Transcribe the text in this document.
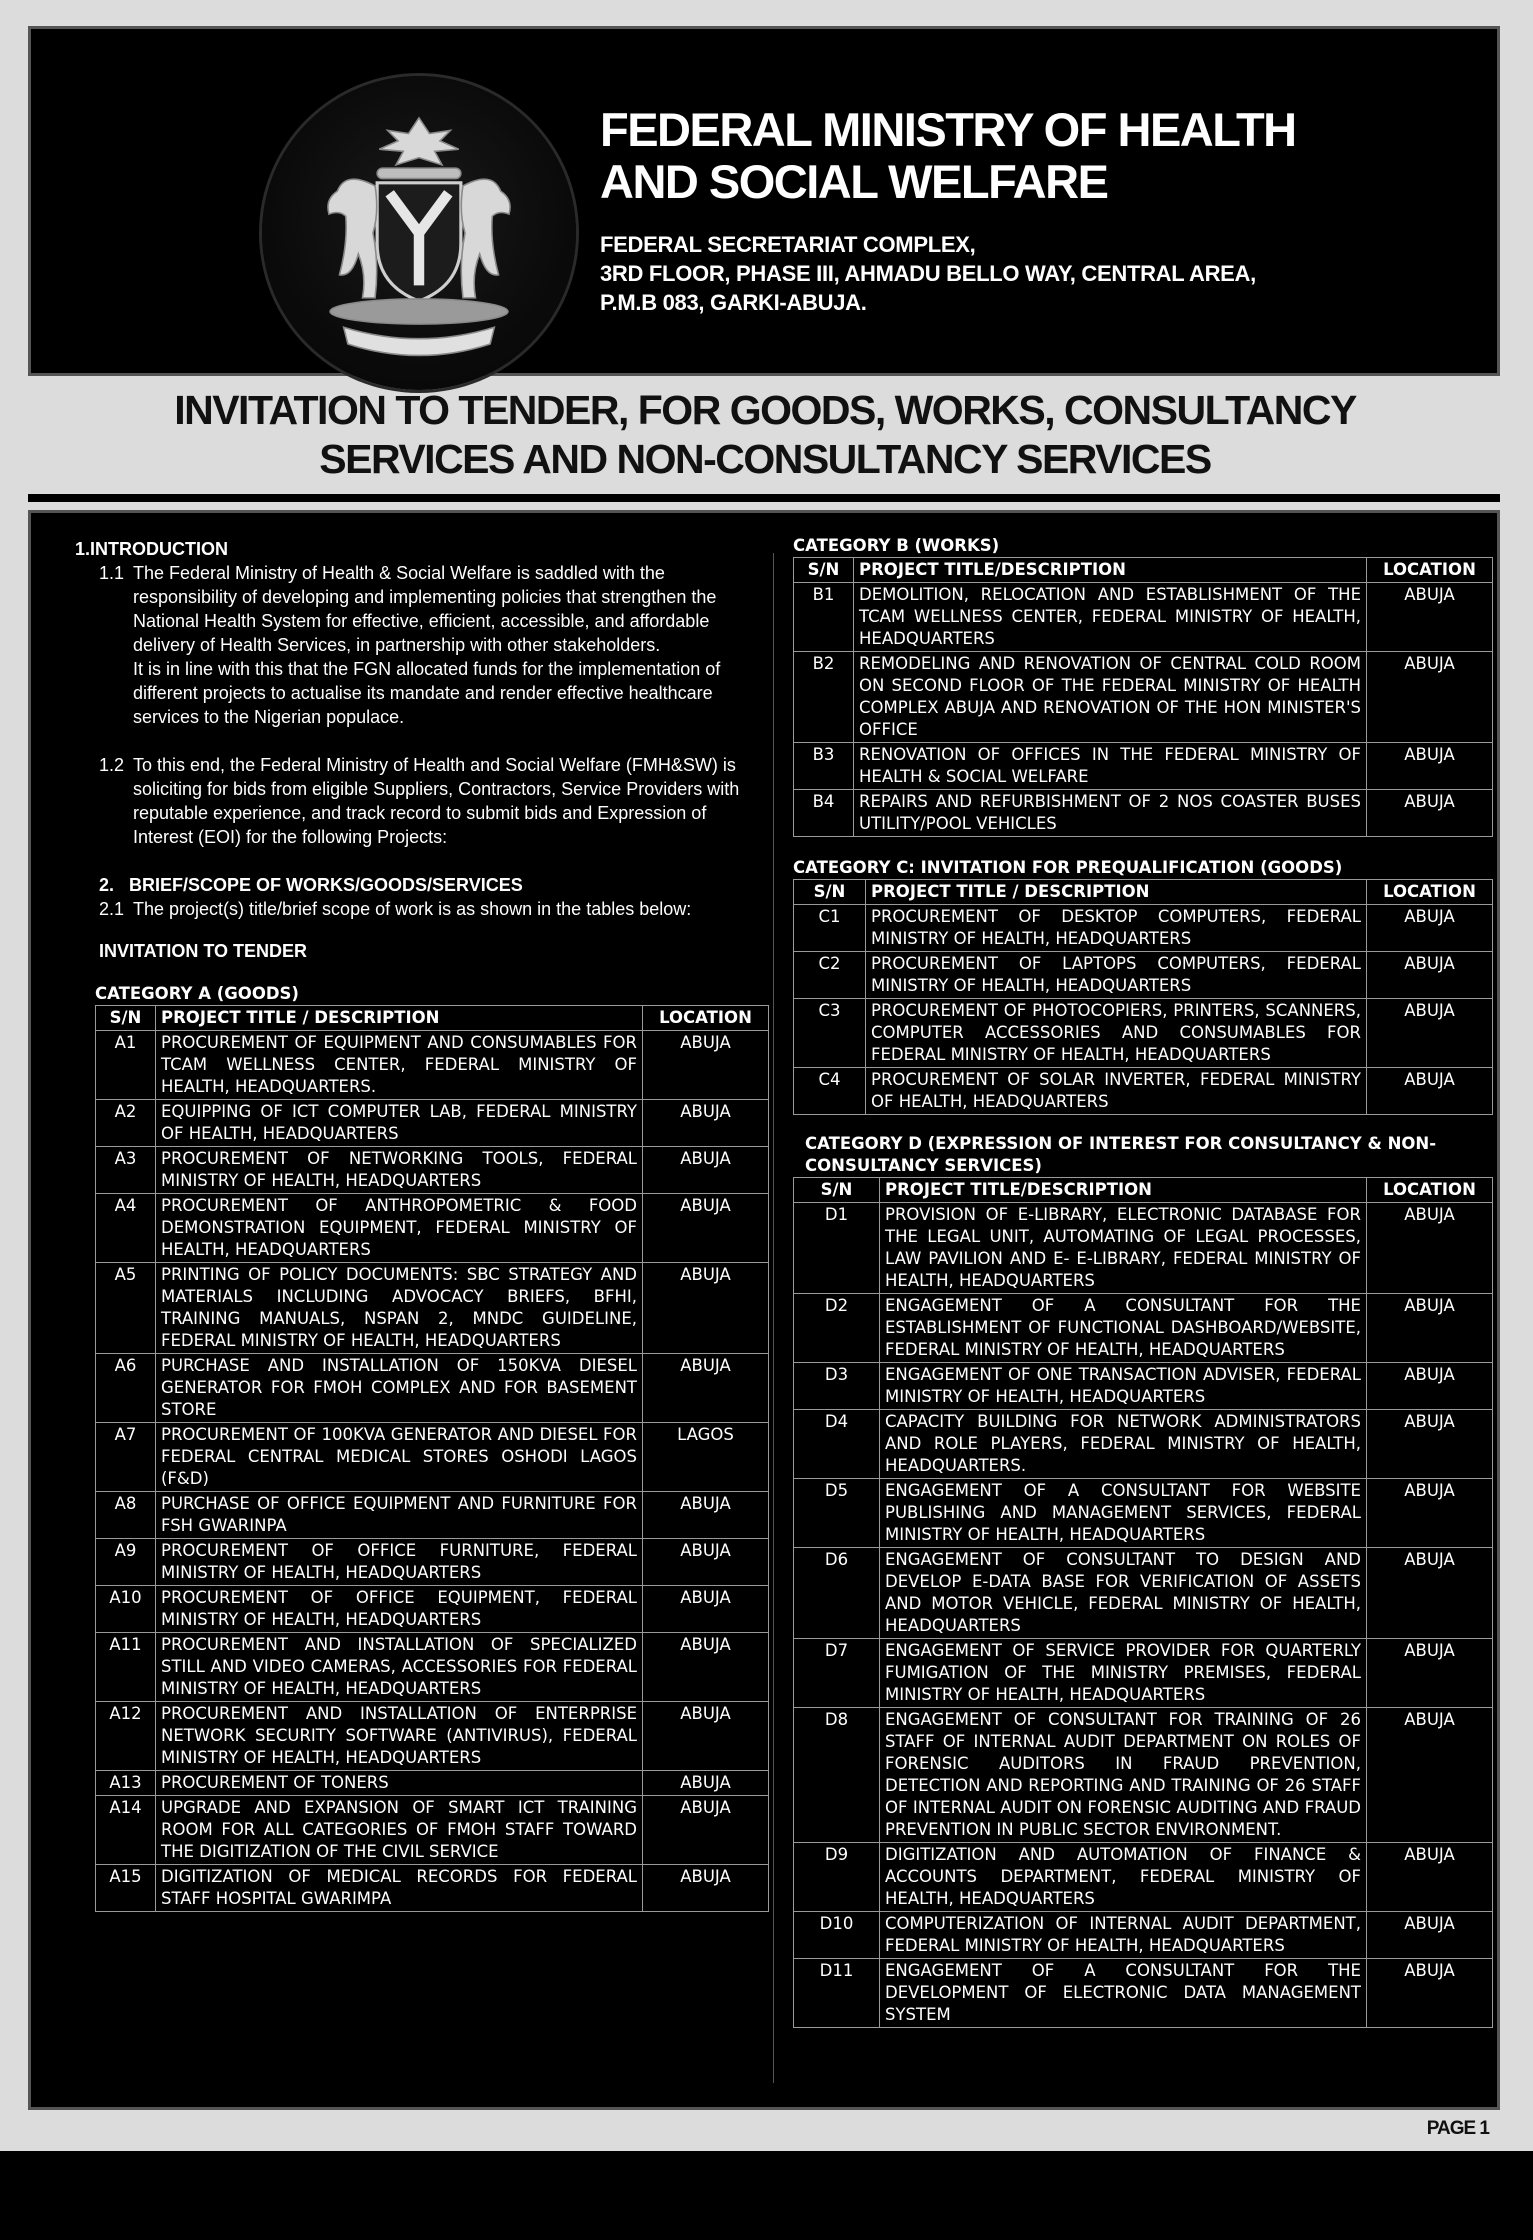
FEDERAL MINISTRY OF HEALTH
AND SOCIAL WELFARE
FEDERAL SECRETARIAT COMPLEX,
3RD FLOOR, PHASE III, AHMADU BELLO WAY, CENTRAL AREA,
P.M.B 083, GARKI-ABUJA.
INVITATION TO TENDER, FOR GOODS, WORKS, CONSULTANCY
SERVICES AND NON-CONSULTANCY SERVICES
1.INTRODUCTION
1.1 The Federal Ministry of Health & Social Welfare is saddled with the responsibility of developing and implementing policies that strengthen the National Health System for effective, efficient, accessible, and affordable delivery of Health Services, in partnership with other stakeholders.
It is in line with this that the FGN allocated funds for the implementation of different projects to actualise its mandate and render effective healthcare services to the Nigerian populace.
1.2 To this end, the Federal Ministry of Health and Social Welfare (FMH&SW) is soliciting for bids from eligible Suppliers, Contractors, Service Providers with reputable experience, and track record to submit bids and Expression of Interest (EOI) for the following Projects:
2.   BRIEF/SCOPE OF WORKS/GOODS/SERVICES
2.1 The project(s) title/brief scope of work is as shown in the tables below:
INVITATION TO TENDER
CATEGORY A (GOODS)
S/N	PROJECT TITLE / DESCRIPTION	LOCATION
A1	PROCUREMENT OF EQUIPMENT AND CONSUMABLES FOR TCAM WELLNESS CENTER, FEDERAL MINISTRY OF HEALTH, HEADQUARTERS.	ABUJA
A2	EQUIPPING OF ICT COMPUTER LAB, FEDERAL MINISTRY OF HEALTH, HEADQUARTERS	ABUJA
A3	PROCUREMENT OF NETWORKING TOOLS, FEDERAL MINISTRY OF HEALTH, HEADQUARTERS	ABUJA
A4	PROCUREMENT OF ANTHROPOMETRIC & FOOD DEMONSTRATION EQUIPMENT, FEDERAL MINISTRY OF HEALTH, HEADQUARTERS	ABUJA
A5	PRINTING OF POLICY DOCUMENTS: SBC STRATEGY AND MATERIALS INCLUDING ADVOCACY BRIEFS, BFHI, TRAINING MANUALS, NSPAN 2, MNDC GUIDELINE, FEDERAL MINISTRY OF HEALTH, HEADQUARTERS	ABUJA
A6	PURCHASE AND INSTALLATION OF 150KVA DIESEL GENERATOR FOR FMOH COMPLEX AND FOR BASEMENT STORE	ABUJA
A7	PROCUREMENT OF 100KVA GENERATOR AND DIESEL FOR FEDERAL CENTRAL MEDICAL STORES OSHODI LAGOS (F&D)	LAGOS
A8	PURCHASE OF OFFICE EQUIPMENT AND FURNITURE FOR FSH GWARINPA	ABUJA
A9	PROCUREMENT OF OFFICE FURNITURE, FEDERAL MINISTRY OF HEALTH, HEADQUARTERS	ABUJA
A10	PROCUREMENT OF OFFICE EQUIPMENT, FEDERAL MINISTRY OF HEALTH, HEADQUARTERS	ABUJA
A11	PROCUREMENT AND INSTALLATION OF SPECIALIZED STILL AND VIDEO CAMERAS, ACCESSORIES FOR FEDERAL MINISTRY OF HEALTH, HEADQUARTERS	ABUJA
A12	PROCUREMENT AND INSTALLATION OF ENTERPRISE NETWORK SECURITY SOFTWARE (ANTIVIRUS), FEDERAL MINISTRY OF HEALTH, HEADQUARTERS	ABUJA
A13	PROCUREMENT OF TONERS	ABUJA
A14	UPGRADE AND EXPANSION OF SMART ICT TRAINING ROOM FOR ALL CATEGORIES OF FMOH STAFF TOWARD THE DIGITIZATION OF THE CIVIL SERVICE	ABUJA
A15	DIGITIZATION OF MEDICAL RECORDS FOR FEDERAL STAFF HOSPITAL GWARIMPA	ABUJA
CATEGORY B (WORKS)
S/N	PROJECT TITLE/DESCRIPTION	LOCATION
B1	DEMOLITION, RELOCATION AND ESTABLISHMENT OF THE TCAM WELLNESS CENTER, FEDERAL MINISTRY OF HEALTH, HEADQUARTERS	ABUJA
B2	REMODELING AND RENOVATION OF CENTRAL COLD ROOM ON SECOND FLOOR OF THE FEDERAL MINISTRY OF HEALTH COMPLEX ABUJA AND RENOVATION OF THE HON MINISTER'S OFFICE	ABUJA
B3	RENOVATION OF OFFICES IN THE FEDERAL MINISTRY OF HEALTH & SOCIAL WELFARE	ABUJA
B4	REPAIRS AND REFURBISHMENT OF 2 NOS COASTER BUSES UTILITY/POOL VEHICLES	ABUJA
CATEGORY C: INVITATION FOR PREQUALIFICATION (GOODS)
S/N	PROJECT TITLE / DESCRIPTION	LOCATION
C1	PROCUREMENT OF DESKTOP COMPUTERS, FEDERAL MINISTRY OF HEALTH, HEADQUARTERS	ABUJA
C2	PROCUREMENT OF LAPTOPS COMPUTERS, FEDERAL MINISTRY OF HEALTH, HEADQUARTERS	ABUJA
C3	PROCUREMENT OF PHOTOCOPIERS, PRINTERS, SCANNERS, COMPUTER ACCESSORIES AND CONSUMABLES FOR FEDERAL MINISTRY OF HEALTH, HEADQUARTERS	ABUJA
C4	PROCUREMENT OF SOLAR INVERTER, FEDERAL MINISTRY OF HEALTH, HEADQUARTERS	ABUJA
CATEGORY D (EXPRESSION OF INTEREST FOR CONSULTANCY & NON-CONSULTANCY SERVICES)
S/N	PROJECT TITLE/DESCRIPTION	LOCATION
D1	PROVISION OF E-LIBRARY, ELECTRONIC DATABASE FOR THE LEGAL UNIT, AUTOMATING OF LEGAL PROCESSES, LAW PAVILION AND E- E-LIBRARY, FEDERAL MINISTRY OF HEALTH, HEADQUARTERS	ABUJA
D2	ENGAGEMENT OF A CONSULTANT FOR THE ESTABLISHMENT OF FUNCTIONAL DASHBOARD/WEBSITE, FEDERAL MINISTRY OF HEALTH, HEADQUARTERS	ABUJA
D3	ENGAGEMENT OF ONE TRANSACTION ADVISER, FEDERAL MINISTRY OF HEALTH, HEADQUARTERS	ABUJA
D4	CAPACITY BUILDING FOR NETWORK ADMINISTRATORS AND ROLE PLAYERS, FEDERAL MINISTRY OF HEALTH, HEADQUARTERS.	ABUJA
D5	ENGAGEMENT OF A CONSULTANT FOR WEBSITE PUBLISHING AND MANAGEMENT SERVICES, FEDERAL MINISTRY OF HEALTH, HEADQUARTERS	ABUJA
D6	ENGAGEMENT OF CONSULTANT TO DESIGN AND DEVELOP E-DATA BASE FOR VERIFICATION OF ASSETS AND MOTOR VEHICLE, FEDERAL MINISTRY OF HEALTH, HEADQUARTERS	ABUJA
D7	ENGAGEMENT OF SERVICE PROVIDER FOR QUARTERLY FUMIGATION OF THE MINISTRY PREMISES, FEDERAL MINISTRY OF HEALTH, HEADQUARTERS	ABUJA
D8	ENGAGEMENT OF CONSULTANT FOR TRAINING OF 26 STAFF OF INTERNAL AUDIT DEPARTMENT ON ROLES OF FORENSIC AUDITORS IN FRAUD PREVENTION, DETECTION AND REPORTING AND TRAINING OF 26 STAFF OF INTERNAL AUDIT ON FORENSIC AUDITING AND FRAUD PREVENTION IN PUBLIC SECTOR ENVIRONMENT.	ABUJA
D9	DIGITIZATION AND AUTOMATION OF FINANCE & ACCOUNTS DEPARTMENT, FEDERAL MINISTRY OF HEALTH, HEADQUARTERS	ABUJA
D10	COMPUTERIZATION OF INTERNAL AUDIT DEPARTMENT, FEDERAL MINISTRY OF HEALTH, HEADQUARTERS	ABUJA
D11	ENGAGEMENT OF A CONSULTANT FOR THE DEVELOPMENT OF ELECTRONIC DATA MANAGEMENT SYSTEM	ABUJA
PAGE 1
